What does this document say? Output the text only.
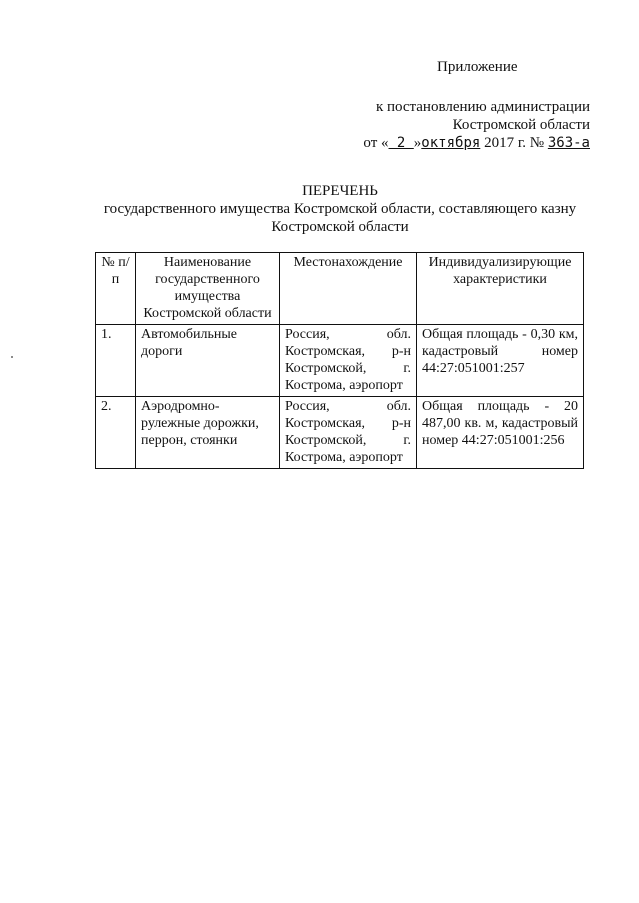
Приложение
к постановлению администрации
Костромской области
от « 2 »октября 2017 г. № 363-а
ПЕРЕЧЕНЬ
государственного имущества Костромской области, составляющего казну
Костромской области
№ п/п	Наименование государственного имущества Костромской области	Местонахождение	Индивидуализирующие характеристики
1.	Автомобильные дороги	Россия, обл. Костромская, р-н Костромской, г. Кострома, аэропорт	Общая площадь - 0,30 км, кадастровый номер 44:27:051001:257
2.	Аэродромно-рулежные дорожки, перрон, стоянки	Россия, обл. Костромская, р-н Костромской, г. Кострома, аэропорт	Общая площадь - 20 487,00 кв. м, кадастровый номер 44:27:051001:256
